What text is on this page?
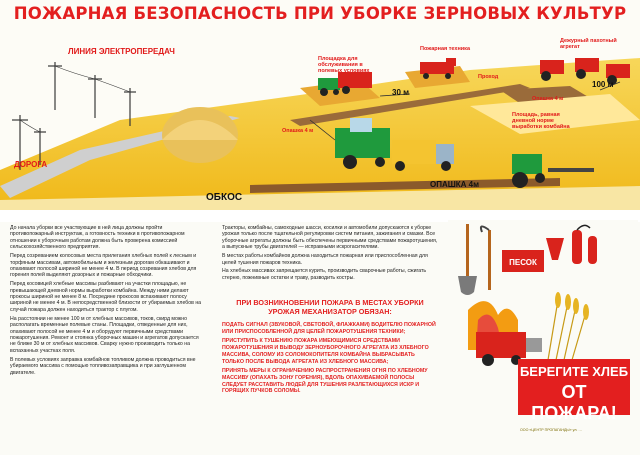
ПОЖАРНАЯ БЕЗОПАСНОСТЬ ПРИ УБОРКЕ ЗЕРНОВЫХ КУЛЬТУР
ЛИНИЯ ЭЛЕКТРОПЕРЕДАЧ
ДОРОГА
ОБКОС
Площадка для обслуживания в полевых условиях
Пожарная техника
Дежурный пахотный агрегат
Проход
Опашка 4 м
Опашка 4 м
ОПАШКА 4м
30 м
100 м
Площадь, равная дневной норме выработки комбайна

До начала уборки все участвующие в ней лица должны пройти противопожарный инструктаж, а готовность техники в противопожарном отношении к уборочным работам должна быть проверена комиссией сельскохозяйственного предприятия.

Перед созреванием колосовых места прилегания хлебных полей к лесным и торфяным массивам, автомобильным и железным дорогам обкашивают и опахивают полосой шириной не менее 4 м. В период созревания хлебов для горения полей выделяют дозорных и пожарные обходчики.

Перед косовицей хлебные массивы разбивают на участки площадью, не превышающей дневной нормы выработки комбайна. Между ними делают прокосы шириной не менее 8 м. Посредине прокосов вспахивают полосу шириной не менее 4 м. В непосредственной близости от убираемых хлебов на случай пожара должен находиться трактор с плугом.

На расстоянии не менее 100 м от хлебных массивов, токов, скирд можно располагать временные полевые станы. Площадки, отведенные для них, опахивают полосой не менее 4 м и оборудуют первичными средствами пожаротушения. Ремонт и стоянка уборочных машин и агрегатов допускается не ближе 30 м от хлебных массивов. Сварку нужно производить только на вспаханных участках поля.

В полевых условиях заправка комбайнов топливом должна проводиться вне убираемого массива с помощью топливозаправщика и при заглушенном двигателе.

Тракторы, комбайны, самоходные шасси, косилки и автомобили допускаются к уборке урожая только после тщательной регулировки систем питания, зажигания и смазки. Все уборочные агрегаты должны быть обеспечены первичными средствами пожаротушения, а выпускные трубы двигателей — исправными искрогасителями.

В местах работы комбайнов должна находиться пожарная или приспособленная для целей тушения пожаров техника.

На хлебных массивах запрещается курить, производить сварочные работы, сжигать стерню, пожнивные остатки и траву, разводить костры.

ПРИ ВОЗНИКНОВЕНИИ ПОЖАРА В МЕСТАХ УБОРКИ УРОЖАЯ МЕХАНИЗАТОР ОБЯЗАН:

ПОДАТЬ СИГНАЛ (ЗВУКОВОЙ, СВЕТОВОЙ, ФЛАЖКАМИ) ВОДИТЕЛЮ ПОЖАРНОЙ ИЛИ ПРИСПОСОБЛЕННОЙ ДЛЯ ЦЕЛЕЙ ПОЖАРОТУШЕНИЯ ТЕХНИКИ;

ПРИСТУПИТЬ К ТУШЕНИЮ ПОЖАРА ИМЕЮЩИМИСЯ СРЕДСТВАМИ ПОЖАРОТУШЕНИЯ И ВЫВОДУ ЗЕРНОУБОРОЧНОГО АГРЕГАТА ИЗ ХЛЕБНОГО МАССИВА, СОЛОМУ ИЗ СОЛОМОКОПИТЕЛЯ КОМБАЙНА ВЫБРАСЫВАТЬ ТОЛЬКО ПОСЛЕ ВЫВОДА АГРЕГАТА ИЗ ХЛЕБНОГО МАССИВА;

ПРИНЯТЬ МЕРЫ К ОГРАНИЧЕНИЮ РАСПРОСТРАНЕНИЯ ОГНЯ ПО ХЛЕБНОМУ МАССИВУ (ОПАХАТЬ ЗОНУ ГОРЕНИЯ), ВДОЛЬ ОПАХИВАЕМОЙ ПОЛОСЫ СЛЕДУЕТ РАССТАВИТЬ ЛЮДЕЙ ДЛЯ ТУШЕНИЯ РАЗЛЕТАЮЩИХСЯ ИСКР И ГОРЯЩИХ ПУЧКОВ СОЛОМЫ.

ПЕСОК
БЕРЕГИТЕ ХЛЕБ
ОТ ПОЖАРА!
ООО «ЦЕНТР ПРОПАГАНДЫ» ул. …
